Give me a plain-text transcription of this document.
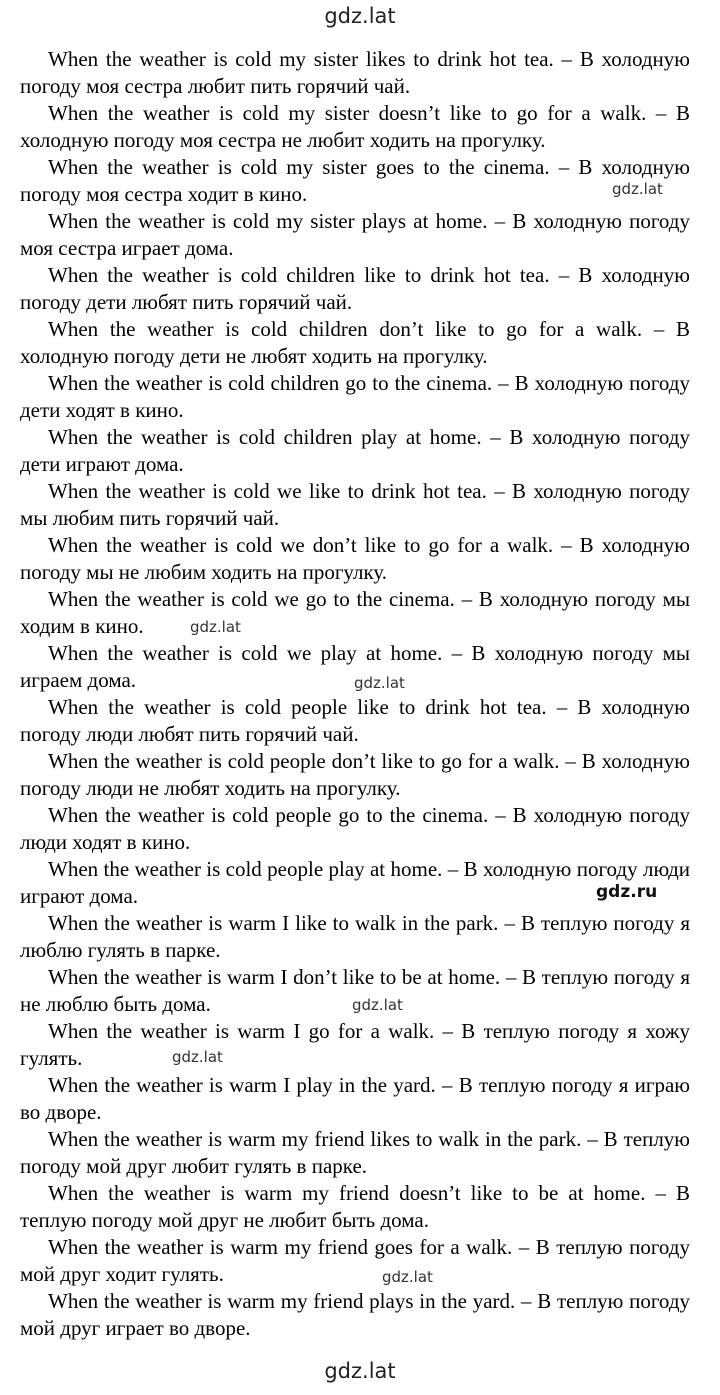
gdz.lat

When the weather is cold my sister likes to drink hot tea. – В холодную погоду моя сестра любит пить горячий чай.

When the weather is cold my sister doesn’t like to go for a walk. – В холодную погоду моя сестра не любит ходить на прогулку.

When the weather is cold my sister goes to the cinema. – В холодную погоду моя сестра ходит в кино.

When the weather is cold my sister plays at home. – В холодную погоду моя сестра играет дома.

When the weather is cold children like to drink hot tea. – В холодную погоду дети любят пить горячий чай.

When the weather is cold children don’t like to go for a walk. – В холодную погоду дети не любят ходить на прогулку.

When the weather is cold children go to the cinema. – В холодную погоду дети ходят в кино.

When the weather is cold children play at home. – В холодную погоду дети играют дома.

When the weather is cold we like to drink hot tea. – В холодную погоду мы любим пить горячий чай.

When the weather is cold we don’t like to go for a walk. – В холодную погоду мы не любим ходить на прогулку.

When the weather is cold we go to the cinema. – В холодную погоду мы ходим в кино.

When the weather is cold we play at home. – В холодную погоду мы играем дома.

When the weather is cold people like to drink hot tea. – В холодную погоду люди любят пить горячий чай.

When the weather is cold people don’t like to go for a walk. – В холодную погоду люди не любят ходить на прогулку.

When the weather is cold people go to the cinema. – В холодную погоду люди ходят в кино.

When the weather is cold people play at home. – В холодную погоду люди играют дома.

When the weather is warm I like to walk in the park. – В теплую погоду я люблю гулять в парке.

When the weather is warm I don’t like to be at home. – В теплую погоду я не люблю быть дома.

When the weather is warm I go for a walk. – В теплую погоду я хожу гулять.

When the weather is warm I play in the yard. – В теплую погоду я играю во дворе.

When the weather is warm my friend likes to walk in the park. – В теплую погоду мой друг любит гулять в парке.

When the weather is warm my friend doesn’t like to be at home. – В теплую погоду мой друг не любит быть дома.

When the weather is warm my friend goes for a walk. – В теплую погоду мой друг ходит гулять.

When the weather is warm my friend plays in the yard. – В теплую погоду мой друг играет во дворе.

gdz.lat
gdz.lat
gdz.lat
gdz.ru
gdz.lat
gdz.lat
gdz.lat
gdz.lat
